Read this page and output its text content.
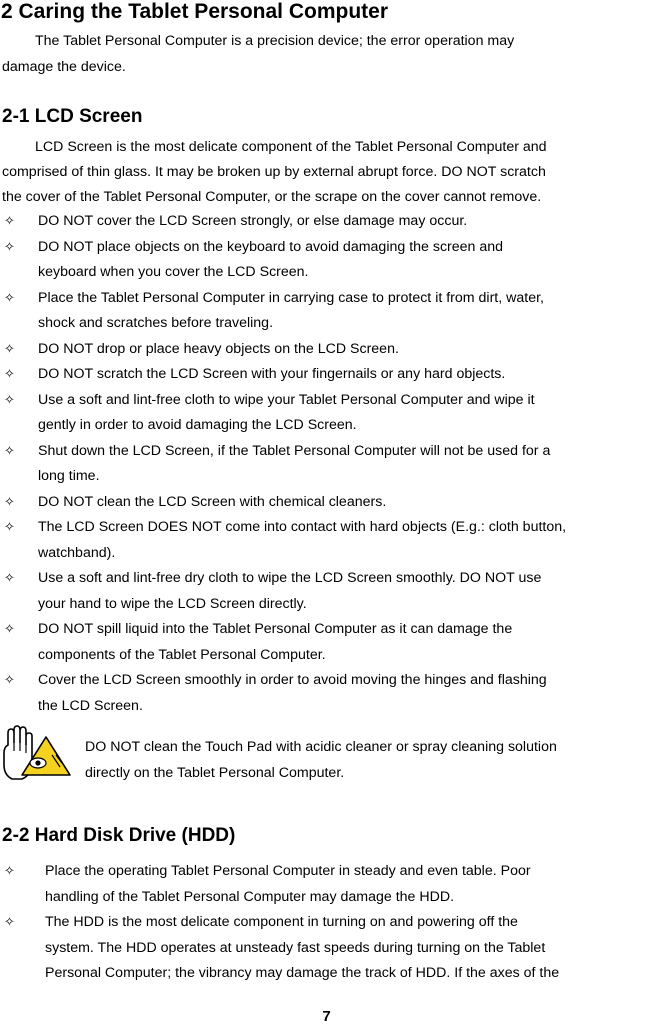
2 Caring the Tablet Personal Computer
The Tablet Personal Computer is a precision device; the error operation may
damage the device.
2-1 LCD Screen
LCD Screen is the most delicate component of the Tablet Personal Computer and
comprised of thin glass. It may be broken up by external abrupt force. DO NOT scratch
the cover of the Tablet Personal Computer, or the scrape on the cover cannot remove.
✧	DO NOT cover the LCD Screen strongly, or else damage may occur.
✧	DO NOT place objects on the keyboard to avoid damaging the screen and
keyboard when you cover the LCD Screen.
✧	Place the Tablet Personal Computer in carrying case to protect it from dirt, water,
shock and scratches before traveling.
✧	DO NOT drop or place heavy objects on the LCD Screen.
✧	DO NOT scratch the LCD Screen with your fingernails or any hard objects.
✧	Use a soft and lint-free cloth to wipe your Tablet Personal Computer and wipe it
gently in order to avoid damaging the LCD Screen.
✧	Shut down the LCD Screen, if the Tablet Personal Computer will not be used for a
long time.
✧	DO NOT clean the LCD Screen with chemical cleaners.
✧	The LCD Screen DOES NOT come into contact with hard objects (E.g.: cloth button,
watchband).
✧	Use a soft and lint-free dry cloth to wipe the LCD Screen smoothly. DO NOT use
your hand to wipe the LCD Screen directly.
✧	DO NOT spill liquid into the Tablet Personal Computer as it can damage the
components of the Tablet Personal Computer.
✧	Cover the LCD Screen smoothly in order to avoid moving the hinges and flashing
the LCD Screen.
DO NOT clean the Touch Pad with acidic cleaner or spray cleaning solution
directly on the Tablet Personal Computer.
2-2 Hard Disk Drive (HDD)
✧	Place the operating Tablet Personal Computer in steady and even table. Poor
handling of the Tablet Personal Computer may damage the HDD.
✧	The HDD is the most delicate component in turning on and powering off the
system. The HDD operates at unsteady fast speeds during turning on the Tablet
Personal Computer; the vibrancy may damage the track of HDD. If the axes of the
7
